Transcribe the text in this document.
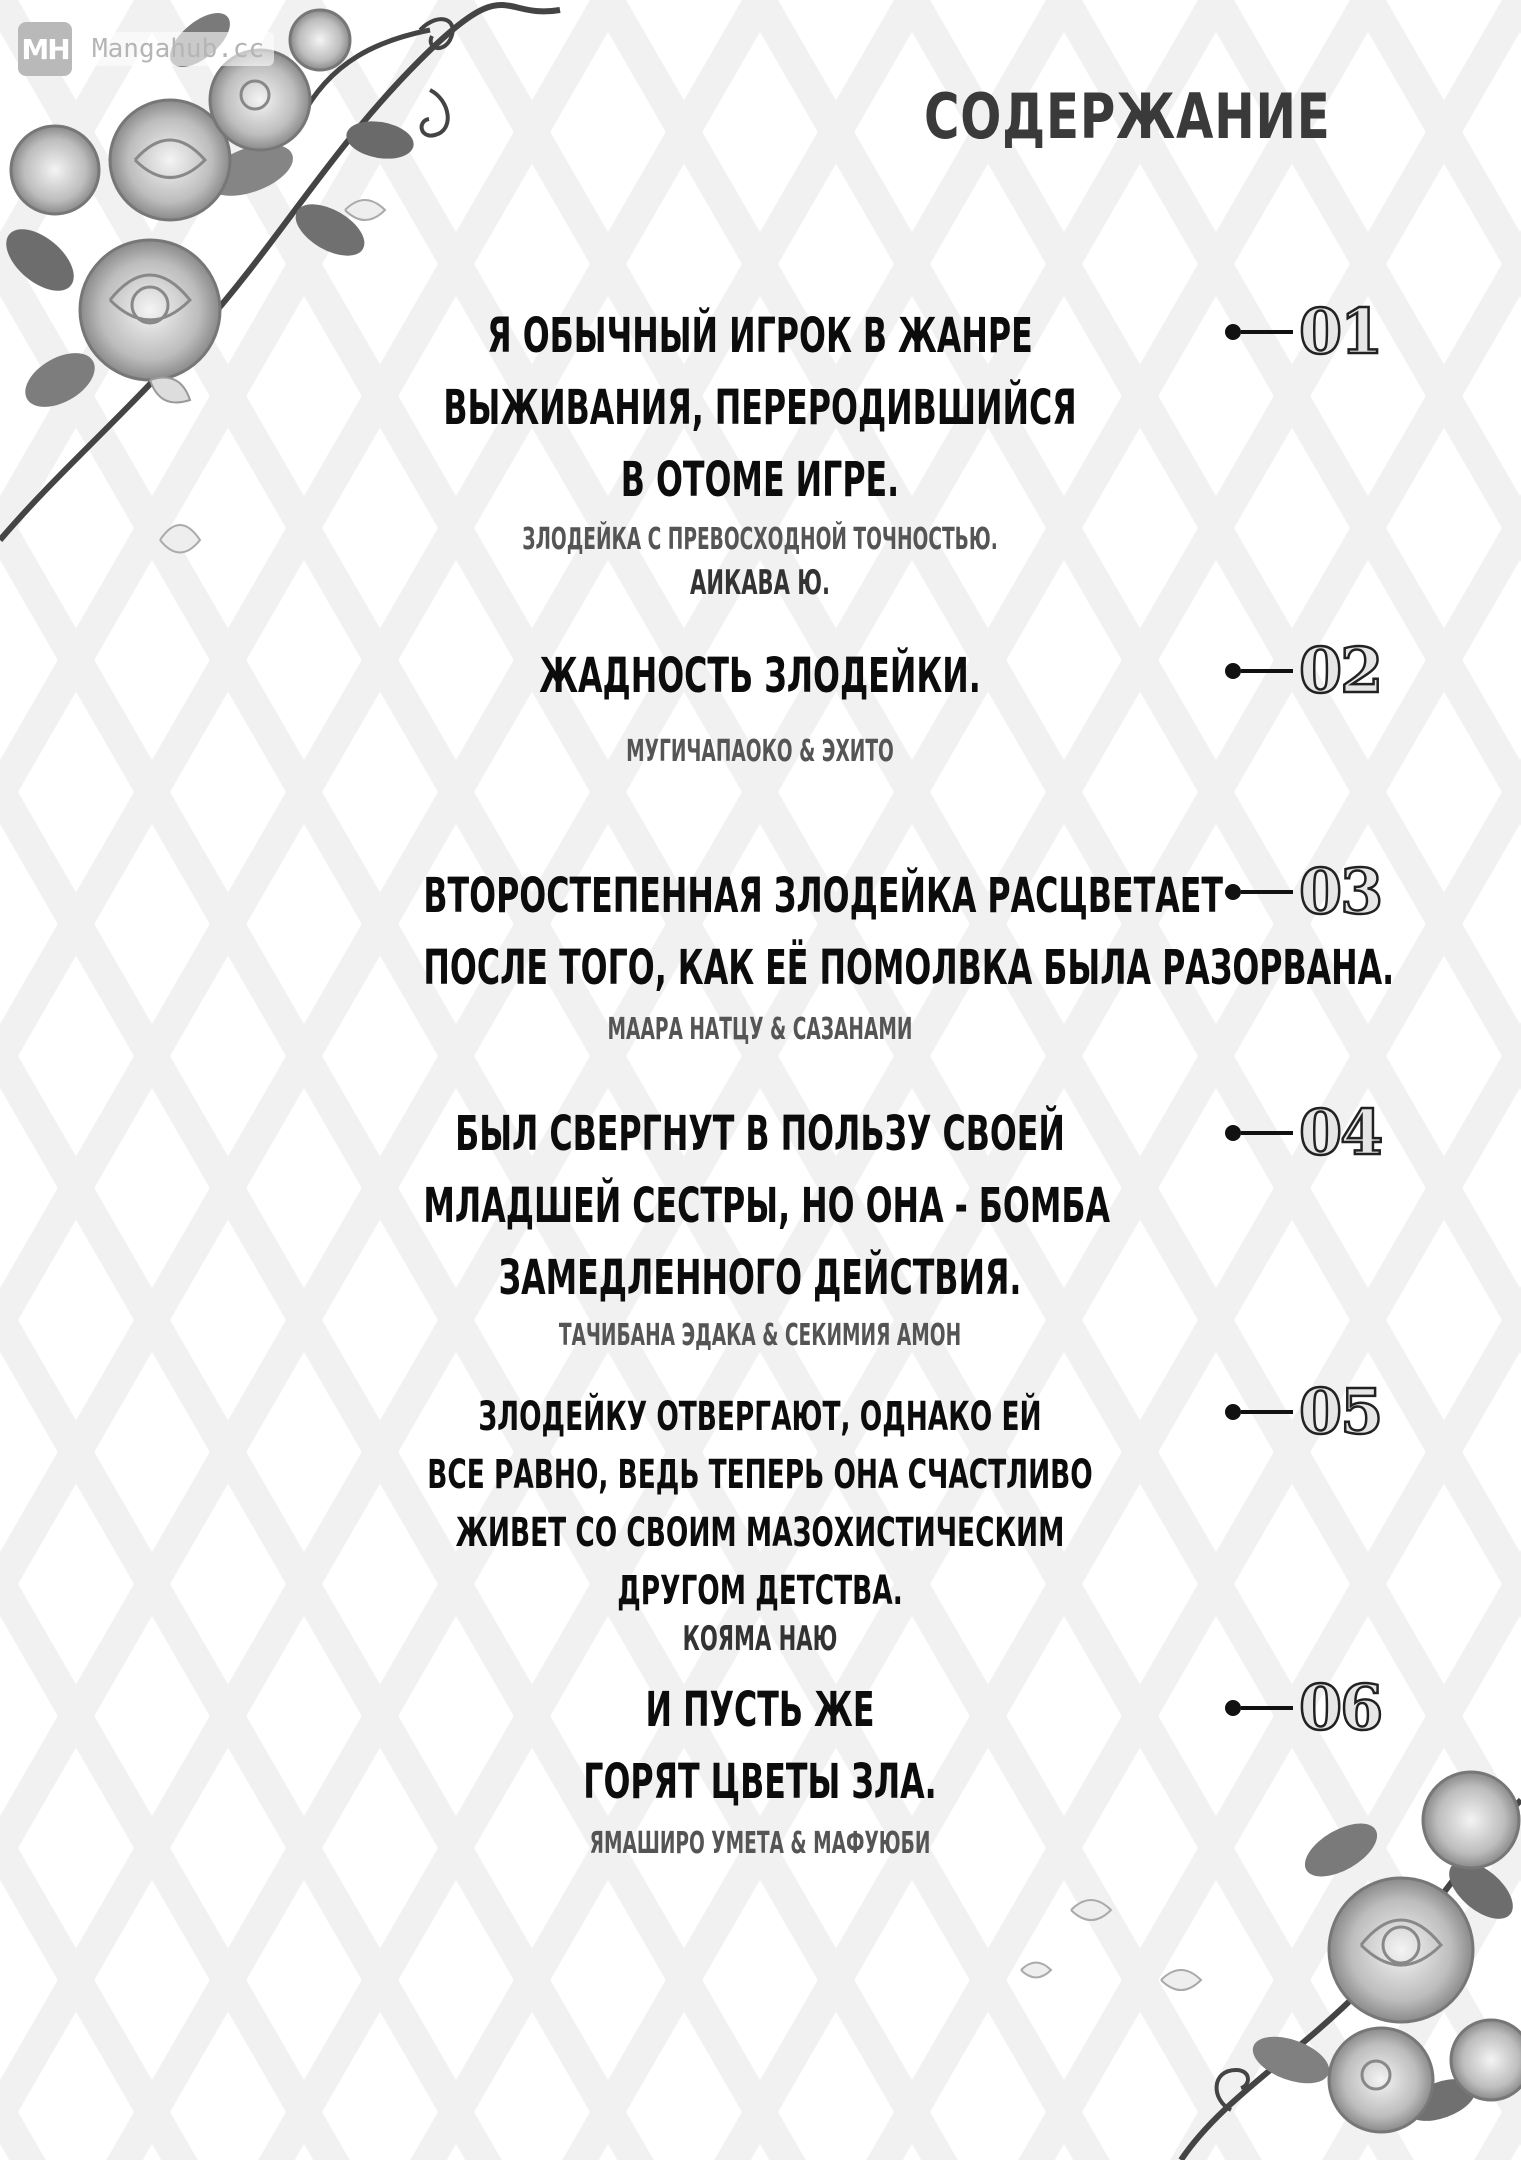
MH Mangahub.cc
СОДЕРЖАНИЕ
Я ОБЫЧНЫЙ ИГРОК В ЖАНРЕ
ВЫЖИВАНИЯ, ПЕРЕРОДИВШИЙСЯ
В ОТОМЕ ИГРЕ.
ЗЛОДЕЙКА С ПРЕВОСХОДНОЙ ТОЧНОСТЬЮ.
АИКАВА Ю.
01
ЖАДНОСТЬ ЗЛОДЕЙКИ.
МУГИЧАПАОКО & ЭХИТО
02
ВТОРОСТЕПЕННАЯ ЗЛОДЕЙКА РАСЦВЕТАЕТ
ПОСЛЕ ТОГО, КАК ЕЁ ПОМОЛВКА БЫЛА РАЗОРВАНА.
МААРА НАТЦУ & САЗАНАМИ
03
БЫЛ СВЕРГНУТ В ПОЛЬЗУ СВОЕЙ
МЛАДШЕЙ СЕСТРЫ, НО ОНА - БОМБА
ЗАМЕДЛЕННОГО ДЕЙСТВИЯ.
ТАЧИБАНА ЭДАКА & СЕКИМИЯ АМОН
04
ЗЛОДЕЙКУ ОТВЕРГАЮТ, ОДНАКО ЕЙ
ВСЕ РАВНО, ВЕДЬ ТЕПЕРЬ ОНА СЧАСТЛИВО
ЖИВЕТ СО СВОИМ МАЗОХИСТИЧЕСКИМ
ДРУГОМ ДЕТСТВА.
КОЯМА НАЮ
05
И ПУСТЬ ЖЕ
ГОРЯТ ЦВЕТЫ ЗЛА.
ЯМАШИРО УМЕТА & МАФУЮБИ
06
